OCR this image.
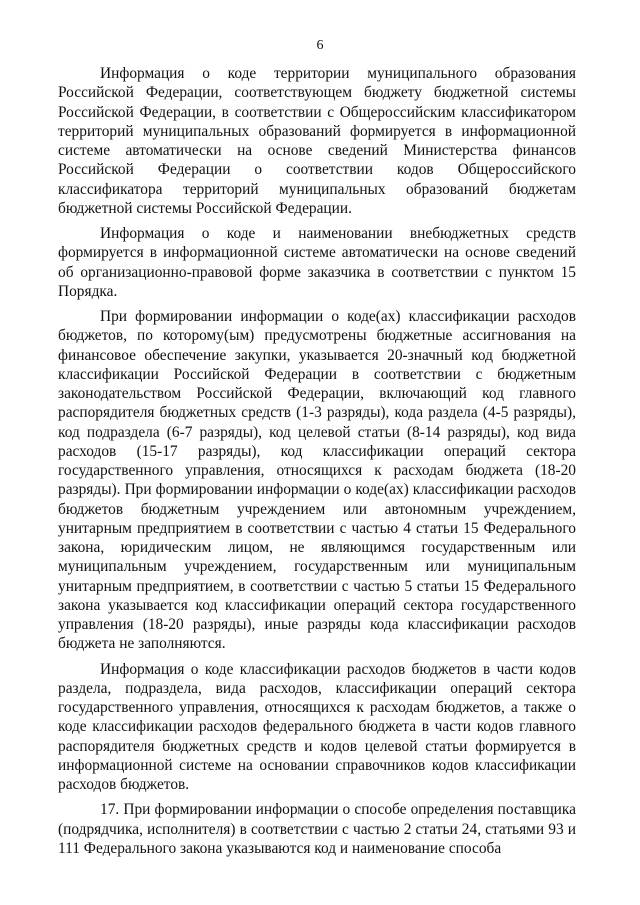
6

Информация о коде территории муниципального образования Российской Федерации, соответствующем бюджету бюджетной системы Российской Федерации, в соответствии с Общероссийским классификатором территорий муниципальных образований формируется в информационной системе автоматически на основе сведений Министерства финансов Российской Федерации о соответствии кодов Общероссийского классификатора территорий муниципальных образований бюджетам бюджетной системы Российской Федерации.

Информация о коде и наименовании внебюджетных средств формируется в информационной системе автоматически на основе сведений об организационно-правовой форме заказчика в соответствии с пунктом 15 Порядка.

При формировании информации о коде(ах) классификации расходов бюджетов, по которому(ым) предусмотрены бюджетные ассигнования на финансовое обеспечение закупки, указывается 20-значный код бюджетной классификации Российской Федерации в соответствии с бюджетным законодательством Российской Федерации, включающий код главного распорядителя бюджетных средств (1-3 разряды), кода раздела (4-5 разряды), код подраздела (6-7 разряды), код целевой статьи (8-14 разряды), код вида расходов (15-17 разряды), код классификации операций сектора государственного управления, относящихся к расходам бюджета (18-20 разряды). При формировании информации о коде(ах) классификации расходов бюджетов бюджетным учреждением или автономным учреждением, унитарным предприятием в соответствии с частью 4 статьи 15 Федерального закона, юридическим лицом, не являющимся государственным или муниципальным учреждением, государственным или муниципальным унитарным предприятием, в соответствии с частью 5 статьи 15 Федерального закона указывается код классификации операций сектора государственного управления (18-20 разряды), иные разряды кода классификации расходов бюджета не заполняются.

Информация о коде классификации расходов бюджетов в части кодов раздела, подраздела, вида расходов, классификации операций сектора государственного управления, относящихся к расходам бюджетов, а также о коде классификации расходов федерального бюджета в части кодов главного распорядителя бюджетных средств и кодов целевой статьи формируется в информационной системе на основании справочников кодов классификации расходов бюджетов.

17. При формировании информации о способе определения поставщика (подрядчика, исполнителя) в соответствии с частью 2 статьи 24, статьями 93 и 111 Федерального закона указываются код и наименование способа
